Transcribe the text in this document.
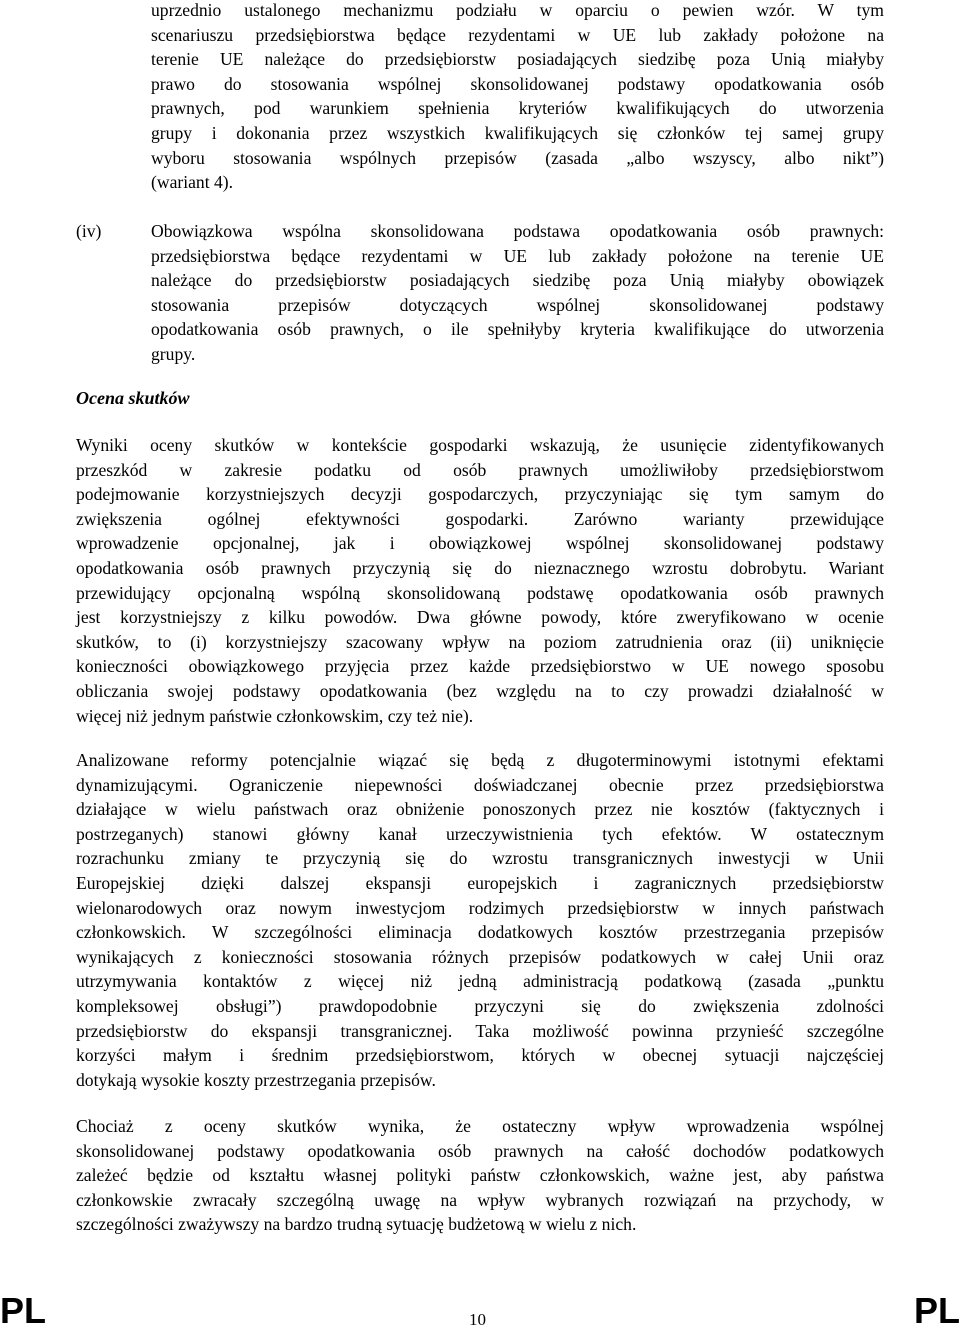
uprzednio ustalonego mechanizmu podziału w oparciu o pewien wzór. W tym
scenariuszu przedsiębiorstwa będące rezydentami w UE lub zakłady położone na
terenie UE należące do przedsiębiorstw posiadających siedzibę poza Unią miałyby
prawo do stosowania wspólnej skonsolidowanej podstawy opodatkowania osób
prawnych, pod warunkiem spełnienia kryteriów kwalifikujących do utworzenia
grupy i dokonania przez wszystkich kwalifikujących się członków tej samej grupy
wyboru stosowania wspólnych przepisów (zasada „albo wszyscy, albo nikt”)
(wariant 4).
(iv)	Obowiązkowa wspólna skonsolidowana podstawa opodatkowania osób prawnych:
przedsiębiorstwa będące rezydentami w UE lub zakłady położone na terenie UE
należące do przedsiębiorstw posiadających siedzibę poza Unią miałyby obowiązek
stosowania przepisów dotyczących wspólnej skonsolidowanej podstawy
opodatkowania osób prawnych, o ile spełniłyby kryteria kwalifikujące do utworzenia
grupy.
Ocena skutków
Wyniki oceny skutków w kontekście gospodarki wskazują, że usunięcie zidentyfikowanych
przeszkód w zakresie podatku od osób prawnych umożliwiłoby przedsiębiorstwom
podejmowanie korzystniejszych decyzji gospodarczych, przyczyniając się tym samym do
zwiększenia ogólnej efektywności gospodarki. Zarówno warianty przewidujące
wprowadzenie opcjonalnej, jak i obowiązkowej wspólnej skonsolidowanej podstawy
opodatkowania osób prawnych przyczynią się do nieznacznego wzrostu dobrobytu. Wariant
przewidujący opcjonalną wspólną skonsolidowaną podstawę opodatkowania osób prawnych
jest korzystniejszy z kilku powodów. Dwa główne powody, które zweryfikowano w ocenie
skutków, to (i) korzystniejszy szacowany wpływ na poziom zatrudnienia oraz (ii) uniknięcie
konieczności obowiązkowego przyjęcia przez każde przedsiębiorstwo w UE nowego sposobu
obliczania swojej podstawy opodatkowania (bez względu na to czy prowadzi działalność w
więcej niż jednym państwie członkowskim, czy też nie).
Analizowane reformy potencjalnie wiązać się będą z długoterminowymi istotnymi efektami
dynamizującymi. Ograniczenie niepewności doświadczanej obecnie przez przedsiębiorstwa
działające w wielu państwach oraz obniżenie ponoszonych przez nie kosztów (faktycznych i
postrzeganych) stanowi główny kanał urzeczywistnienia tych efektów. W ostatecznym
rozrachunku zmiany te przyczynią się do wzrostu transgranicznych inwestycji w Unii
Europejskiej dzięki dalszej ekspansji europejskich i zagranicznych przedsiębiorstw
wielonarodowych oraz nowym inwestycjom rodzimych przedsiębiorstw w innych państwach
członkowskich. W szczególności eliminacja dodatkowych kosztów przestrzegania przepisów
wynikających z konieczności stosowania różnych przepisów podatkowych w całej Unii oraz
utrzymywania kontaktów z więcej niż jedną administracją podatkową (zasada „punktu
kompleksowej obsługi”) prawdopodobnie przyczyni się do zwiększenia zdolności
przedsiębiorstw do ekspansji transgranicznej. Taka możliwość powinna przynieść szczególne
korzyści małym i średnim przedsiębiorstwom, których w obecnej sytuacji najczęściej
dotykają wysokie koszty przestrzegania przepisów.
Chociaż z oceny skutków wynika, że ostateczny wpływ wprowadzenia wspólnej
skonsolidowanej podstawy opodatkowania osób prawnych na całość dochodów podatkowych
zależeć będzie od kształtu własnej polityki państw członkowskich, ważne jest, aby państwa
członkowskie zwracały szczególną uwagę na wpływ wybranych rozwiązań na przychody, w
szczególności zważywszy na bardzo trudną sytuację budżetową w wielu z nich.
PL	10	PL
